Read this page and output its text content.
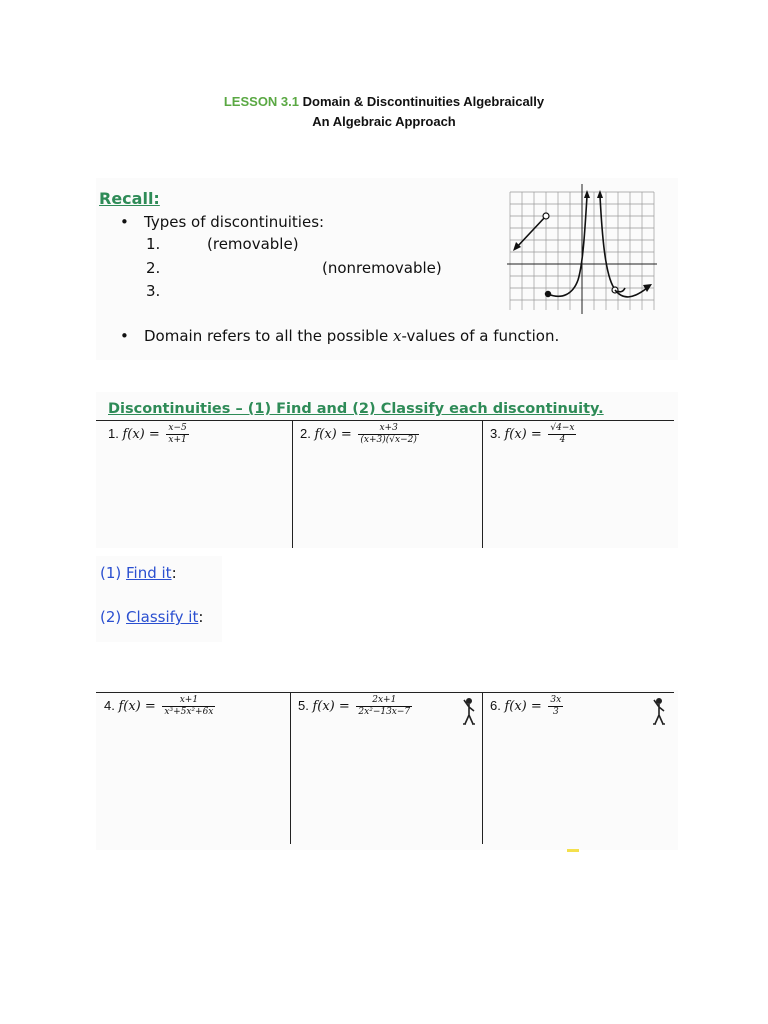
LESSON 3.1 Domain & Discontinuities Algebraically
An Algebraic Approach
Recall:
• Types of discontinuities:
1.	(removable)
2.	(nonremovable)
3.
• Domain refers to all the possible x-values of a function.
Discontinuities – (1) Find and (2) Classify each discontinuity.
1. $f(x) = \frac{x-5}{x+1}$	2. $f(x) = \frac{x+3}{(x+3)(√x-2)}$	3. $f(x) = \frac{√4-x}{4}$
(1) Find it:
(2) Classify it:
4. $f(x) = \frac{x+1}{\text{x³+5x²+6x}}$	5. $f(x) = \frac{2x+1}{\text{2x²−13x−7}}$	6. $f(x) = \frac{3x}{3}$
